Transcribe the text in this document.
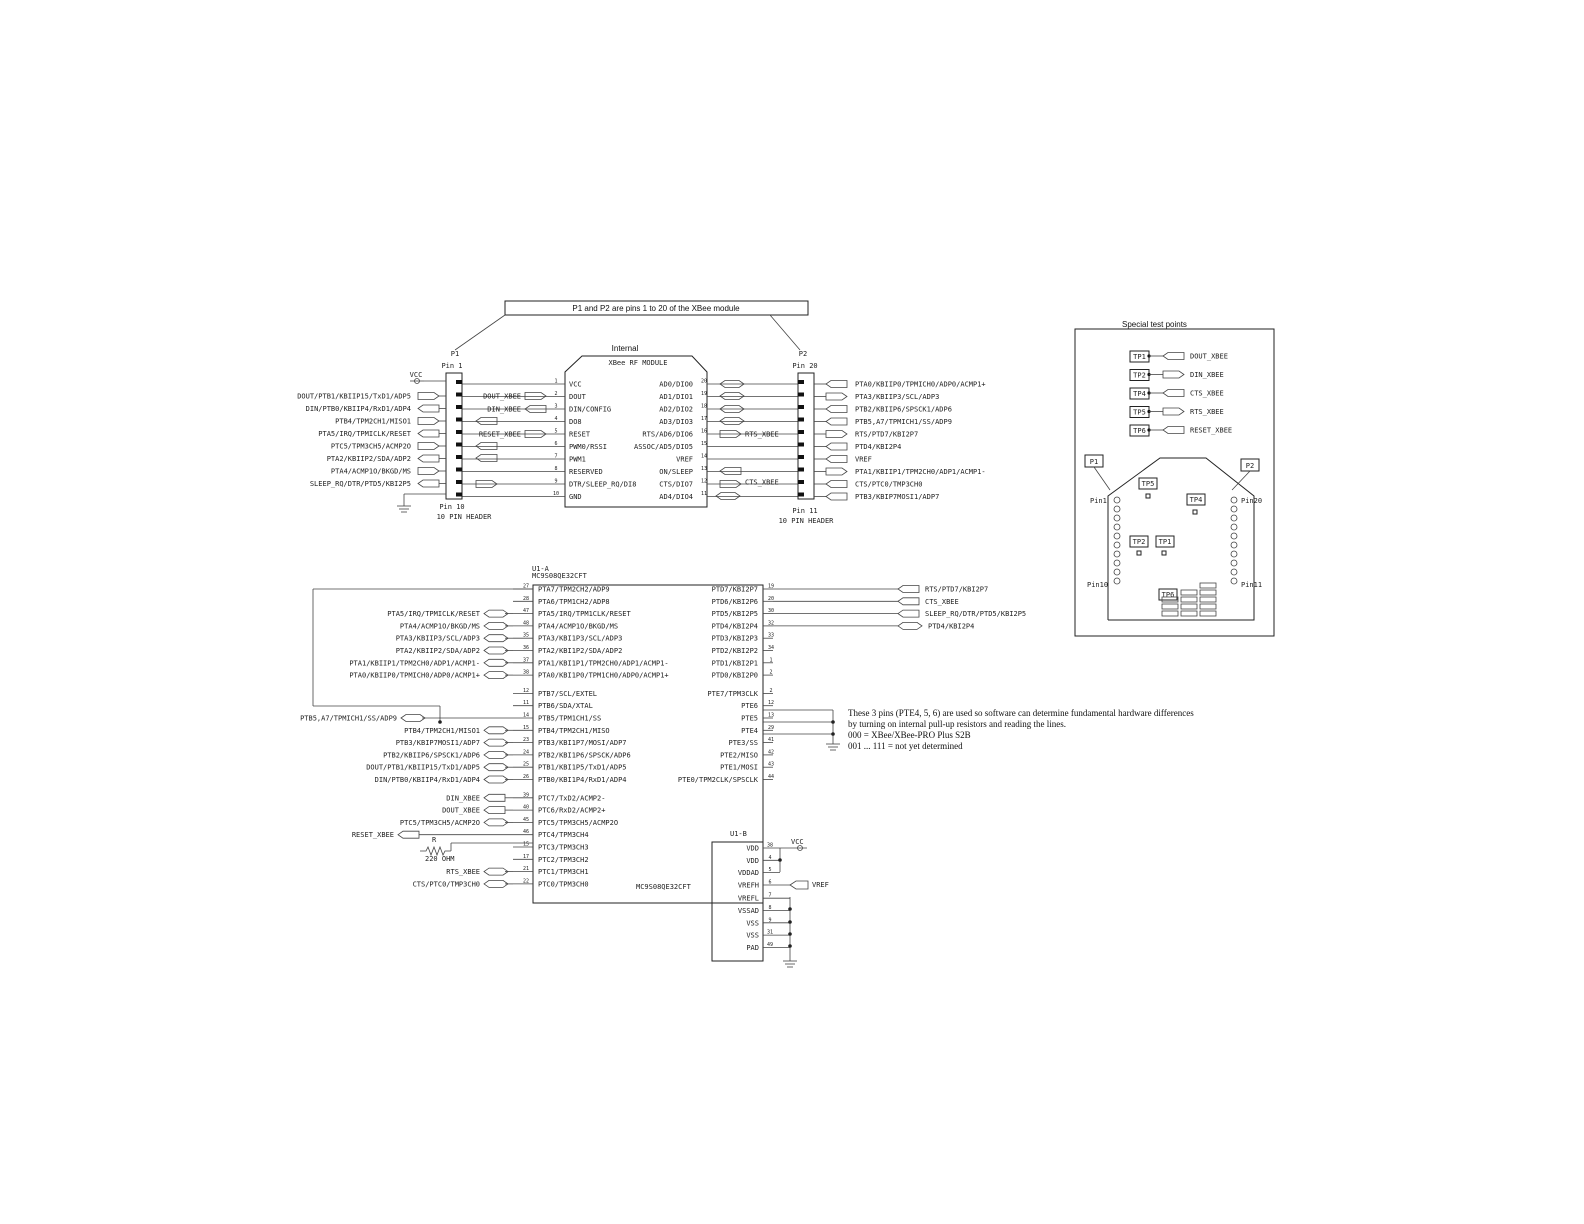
P1 and P2 are pins 1 to 20 of the XBee module
Internal
XBee RF MODULE
VCC
1
DOUT
2
DIN/CONFIG
3
DO8
4
RESET
5
PWM0/RSSI
6
PWM1
7
RESERVED
8
DTR/SLEEP_RQ/DI8
9
GND
10
AD0/DIO0 20
AD1/DIO1 19
AD2/DIO2 18
AD3/DIO3 17
RTS/AD6/DIO6 16
ASSOC/AD5/DIO5 15
VREF 14
ON/SLEEP 13
CTS/DIO7 12
AD4/DIO4 11
P1
Pin 1
Pin 10
10 PIN HEADER
VCC
DOUT/PTB1/KBIIP15/TxD1/ADP5
DIN/PTB0/KBIIP4/RxD1/ADP4
PTB4/TPM2CH1/MISO1
PTA5/IRQ/TPMICLK/RESET
PTC5/TPM3CH5/ACMP2O
PTA2/KBIIP2/SDA/ADP2
PTA4/ACMP1O/BKGD/MS
SLEEP_RQ/DTR/PTD5/KBI2P5
DOUT_XBEE
DIN_XBEE
RESET_XBEE
P2
Pin 20
Pin 11
10 PIN HEADER
PTA0/KBIIP0/TPMICH0/ADP0/ACMP1+
PTA3/KBIIP3/SCL/ADP3
PTB2/KBIIP6/SPSCK1/ADP6
PTB5,A7/TPMICH1/SS/ADP9
RTS/PTD7/KBI2P7
PTD4/KBI2P4
VREF
PTA1/KBIIP1/TPM2CH0/ADP1/ACMP1-
CTS/PTC0/TMP3CH0
PTB3/KBIP7MOSI1/ADP7
RTS_XBEE
CTS_XBEE
U1-A
MC9S08QE32CFT
MC9S08QE32CFT
PTA7/TPM2CH2/ADP9
27
PTA6/TPM1CH2/ADP8
28
PTA5/IRQ/TPM1CLK/RESET
47
PTA4/ACMP1O/BKGD/MS
48
PTA3/KBI1P3/SCL/ADP3
35
PTA2/KBI1P2/SDA/ADP2
36
PTA1/KBI1P1/TPM2CH0/ADP1/ACMP1-
37
PTA0/KBI1P0/TPM1CH0/ADP0/ACMP1+
38
PTB7/SCL/EXTEL
12
PTB6/SDA/XTAL
11
PTB5/TPM1CH1/SS
14
PTB4/TPM2CH1/MISO
15
PTB3/KBI1P7/MOSI/ADP7
23
PTB2/KBI1P6/SPSCK/ADP6
24
PTB1/KBI1P5/TxD1/ADP5
25
PTB0/KBI1P4/RxD1/ADP4
26
PTC7/TxD2/ACMP2-
39
PTC6/RxD2/ACMP2+
40
PTC5/TPM3CH5/ACMP2O
45
PTC4/TPM3CH4
46
PTC3/TPM3CH3
15
PTC2/TPM3CH2
17
PTC1/TPM3CH1
21
PTC0/TPM3CH0
22
PTD7/KBI2P7 19
PTD6/KBI2P6 20
PTD5/KBI2P5 30
PTD4/KBI2P4 32
PTD3/KBI2P3 33
PTD2/KBI2P2 34
PTD1/KBI2P1 1
PTD0/KBI2P0 2
PTE7/TPM3CLK 2
PTE6 12
PTE5 13
PTE4 29
PTE3/SS 41
PTE2/MISO 42
PTE1/MOSI 43
PTE0/TPM2CLK/SPSCLK 44
PTA5/IRQ/TPMICLK/RESET
PTA4/ACMP1O/BKGD/MS
PTA3/KBIIP3/SCL/ADP3
PTA2/KBIIP2/SDA/ADP2
PTA1/KBIIP1/TPM2CH0/ADP1/ACMP1-
PTA0/KBIIP0/TPMICH0/ADP0/ACMP1+
PTB5,A7/TPMICH1/SS/ADP9
PTB4/TPM2CH1/MISO1
PTB3/KBIP7MOSI1/ADP7
PTB2/KBIIP6/SPSCK1/ADP6
DOUT/PTB1/KBIIP15/TxD1/ADP5
DIN/PTB0/KBIIP4/RxD1/ADP4
DIN_XBEE
DOUT_XBEE
PTC5/TPM3CH5/ACMP2O
RESET_XBEE
RTS_XBEE
CTS/PTC0/TMP3CH0
RTS/PTD7/KBI2P7
CTS_XBEE
SLEEP_RQ/DTR/PTD5/KBI2P5
PTD4/KBI2P4
R
220 OHM
These 3 pins (PTE4, 5, 6) are used so software can determine fundamental hardware differences
by turning on internal pull-up resistors and reading the lines.
000 = XBee/XBee-PRO Plus S2B
001 ... 111 = not yet determined
U1-B
VDD 38
VDD 4
VDDAD 5
VREFH 6
VREFL 7
VSSAD 8
VSS 9
VSS 31
PAD 49
VCC
VREF
Special test points
TP1	DOUT_XBEE
TP2	DIN_XBEE
TP4	CTS_XBEE
TP5	RTS_XBEE
TP6	RESET_XBEE
P1	P2
Pin1
Pin10
Pin20
Pin11
TP5
TP4
TP2 TP1
TP6
